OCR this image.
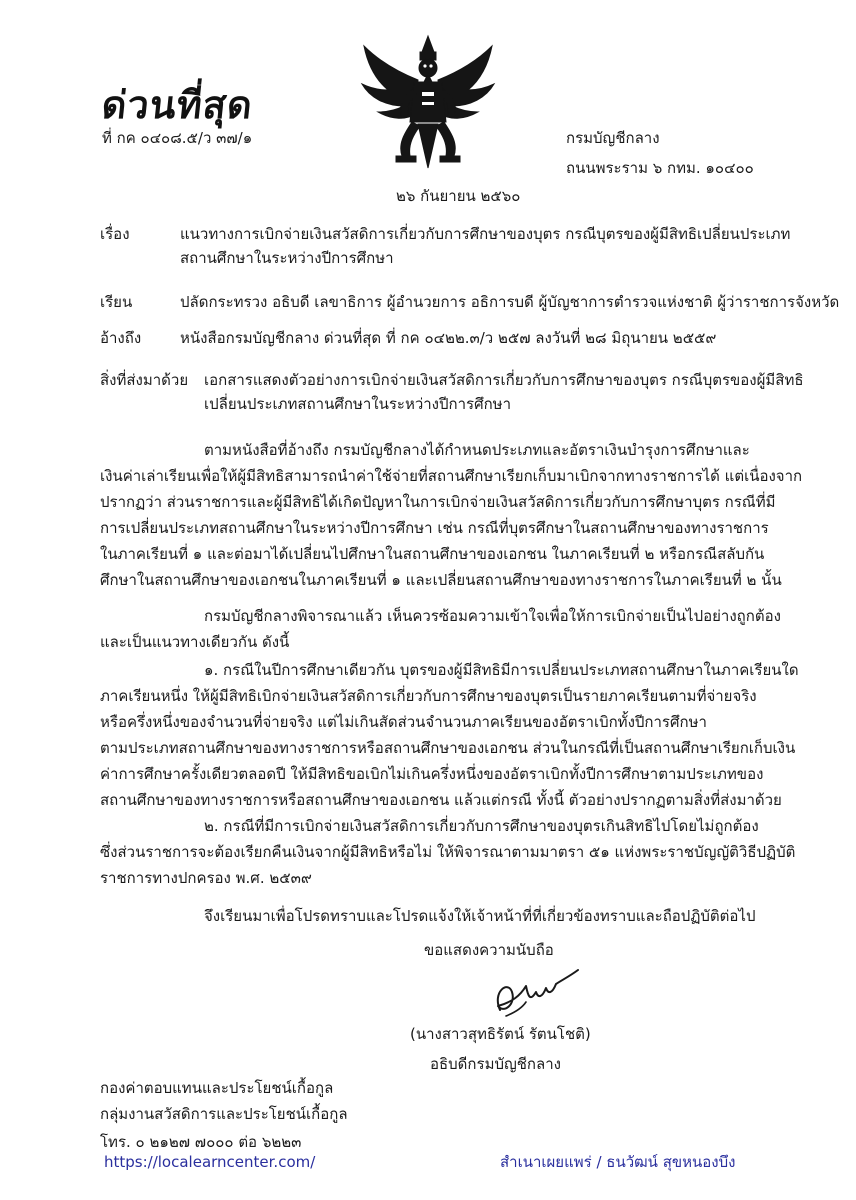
ด่วนที่สุด
ที่ กค ๐๔๐๘.๕/ว ๓๗/๑	กรมบัญชีกลาง
ถนนพระราม ๖ กทม. ๑๐๔๐๐
๒๖ กันยายน ๒๕๖๐
เรื่อง	แนวทางการเบิกจ่ายเงินสวัสดิการเกี่ยวกับการศึกษาของบุตร กรณีบุตรของผู้มีสิทธิเปลี่ยนประเภท
สถานศึกษาในระหว่างปีการศึกษา
เรียน	ปลัดกระทรวง อธิบดี เลขาธิการ ผู้อำนวยการ อธิการบดี ผู้บัญชาการตำรวจแห่งชาติ ผู้ว่าราชการจังหวัด
อ้างถึง	หนังสือกรมบัญชีกลาง ด่วนที่สุด ที่ กค ๐๔๒๒.๓/ว ๒๕๗ ลงวันที่ ๒๘ มิถุนายน ๒๕๕๙
สิ่งที่ส่งมาด้วย เอกสารแสดงตัวอย่างการเบิกจ่ายเงินสวัสดิการเกี่ยวกับการศึกษาของบุตร กรณีบุตรของผู้มีสิทธิ
เปลี่ยนประเภทสถานศึกษาในระหว่างปีการศึกษา
ตามหนังสือที่อ้างถึง กรมบัญชีกลางได้กำหนดประเภทและอัตราเงินบำรุงการศึกษาและ
เงินค่าเล่าเรียนเพื่อให้ผู้มีสิทธิสามารถนำค่าใช้จ่ายที่สถานศึกษาเรียกเก็บมาเบิกจากทางราชการได้ แต่เนื่องจาก
ปรากฏว่า ส่วนราชการและผู้มีสิทธิได้เกิดปัญหาในการเบิกจ่ายเงินสวัสดิการเกี่ยวกับการศึกษาบุตร กรณีที่มี
การเปลี่ยนประเภทสถานศึกษาในระหว่างปีการศึกษา เช่น กรณีที่บุตรศึกษาในสถานศึกษาของทางราชการ
ในภาคเรียนที่ ๑ และต่อมาได้เปลี่ยนไปศึกษาในสถานศึกษาของเอกชน ในภาคเรียนที่ ๒ หรือกรณีสลับกัน
ศึกษาในสถานศึกษาของเอกชนในภาคเรียนที่ ๑ และเปลี่ยนสถานศึกษาของทางราชการในภาคเรียนที่ ๒ นั้น
กรมบัญชีกลางพิจารณาแล้ว เห็นควรซ้อมความเข้าใจเพื่อให้การเบิกจ่ายเป็นไปอย่างถูกต้อง
และเป็นแนวทางเดียวกัน ดังนี้
๑. กรณีในปีการศึกษาเดียวกัน บุตรของผู้มีสิทธิมีการเปลี่ยนประเภทสถานศึกษาในภาคเรียนใด
ภาคเรียนหนึ่ง ให้ผู้มีสิทธิเบิกจ่ายเงินสวัสดิการเกี่ยวกับการศึกษาของบุตรเป็นรายภาคเรียนตามที่จ่ายจริง
หรือครึ่งหนึ่งของจำนวนที่จ่ายจริง แต่ไม่เกินสัดส่วนจำนวนภาคเรียนของอัตราเบิกทั้งปีการศึกษา
ตามประเภทสถานศึกษาของทางราชการหรือสถานศึกษาของเอกชน ส่วนในกรณีที่เป็นสถานศึกษาเรียกเก็บเงิน
ค่าการศึกษาครั้งเดียวตลอดปี ให้มีสิทธิขอเบิกไม่เกินครึ่งหนึ่งของอัตราเบิกทั้งปีการศึกษาตามประเภทของ
สถานศึกษาของทางราชการหรือสถานศึกษาของเอกชน แล้วแต่กรณี ทั้งนี้ ตัวอย่างปรากฏตามสิ่งที่ส่งมาด้วย
๒. กรณีที่มีการเบิกจ่ายเงินสวัสดิการเกี่ยวกับการศึกษาของบุตรเกินสิทธิไปโดยไม่ถูกต้อง
ซึ่งส่วนราชการจะต้องเรียกคืนเงินจากผู้มีสิทธิหรือไม่ ให้พิจารณาตามมาตรา ๕๑ แห่งพระราชบัญญัติวิธีปฏิบัติ
ราชการทางปกครอง พ.ศ. ๒๕๓๙
จึงเรียนมาเพื่อโปรดทราบและโปรดแจ้งให้เจ้าหน้าที่ที่เกี่ยวข้องทราบและถือปฏิบัติต่อไป
ขอแสดงความนับถือ
(นางสาวสุทธิรัตน์ รัตนโชติ)
อธิบดีกรมบัญชีกลาง
กองค่าตอบแทนและประโยชน์เกื้อกูล
กลุ่มงานสวัสดิการและประโยชน์เกื้อกูล
โทร. ๐ ๒๑๒๗ ๗๐๐๐ ต่อ ๖๒๒๓
https://localearncenter.com/	สำเนาเผยแพร่ / ธนวัฒน์ สุขหนองบึง
